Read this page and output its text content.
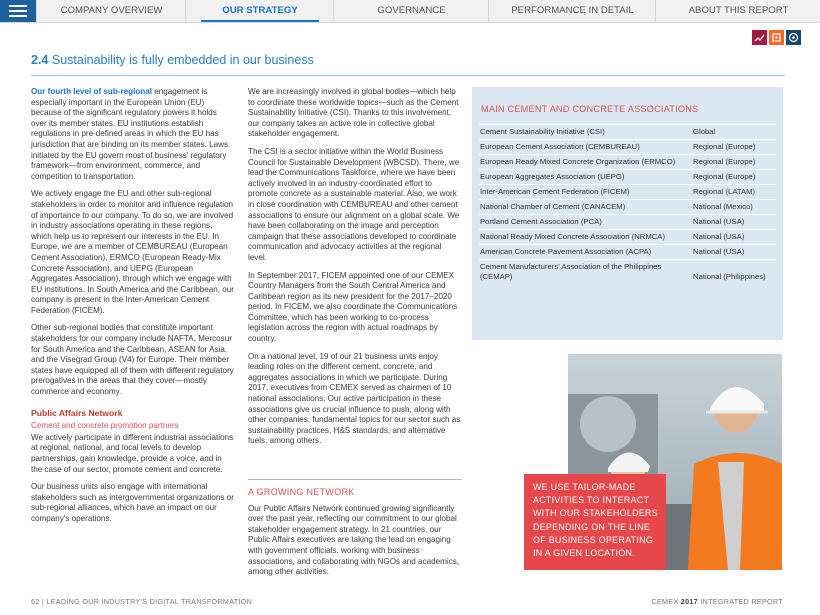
COMPANY OVERVIEW	OUR STRATEGY	GOVERNANCE	PERFORMANCE IN DETAIL	ABOUT THIS REPORT
2.4 Sustainability is fully embedded in our business

Our fourth level of sub-regional engagement is especially important in the European Union (EU) because of the significant regulatory powers it holds over its member states. EU institutions establish regulations in pre-defined areas in which the EU has jurisdiction that are binding on its member states. Laws initiated by the EU govern most of business' regulatory framework—from environment, commerce, and competition to transportation.

We actively engage the EU and other sub-regional stakeholders in order to monitor and influence regulation of importance to our company. To do so, we are involved in industry associations operating in these regions, which help us to represent our interests in the EU. In Europe, we are a member of CEMBUREAU (European Cement Association), ERMCO (European Ready-Mix Concrete Association), and UEPG (European Aggregates Association), through which we engage with EU institutions. In South America and the Caribbean, our company is present in the Inter-American Cement Federation (FICEM).

Other sub-regional bodies that constitute important stakeholders for our company include NAFTA, Mercosur for South America and the Caribbean, ASEAN for Asia, and the Visegrad Group (V4) for Europe. Their member states have equipped all of them with different regulatory prerogatives in the areas that they cover—mostly commerce and economy.

Public Affairs Network
Cement and concrete promotion partners

We actively participate in different industrial associations at regional, national, and local levels to develop partnerships, gain knowledge, provide a voice, and in the case of our sector, promote cement and concrete.

Our business units also engage with international stakeholders such as intergovernmental organizations or sub-regional alliances, which have an impact on our company's operations.

We are increasingly involved in global bodies—which help to coordinate these worldwide topics—such as the Cement Sustainability Initiative (CSI). Thanks to this involvement, our company takes an active role in collective global stakeholder engagement.

The CSI is a sector initiative within the World Business Council for Sustainable Development (WBCSD). There, we lead the Communications Taskforce, where we have been actively involved in an industry-coordinated effort to promote concrete as a sustainable material. Also, we work in close coordination with CEMBUREAU and other cement associations to ensure our alignment on a global scale. We have been collaborating on the image and perception campaign that these associations developed to coordinate communication and advocacy activities at the regional level.

In September 2017, FICEM appointed one of our CEMEX Country Managers from the South Central America and Caribbean region as its new president for the 2017–2020 period. In FICEM, we also coordinate the Communications Committee, which has been working to co-process legislation across the region with actual roadmaps by country.

On a national level, 19 of our 21 business units enjoy leading roles on the different cement, concrete, and aggregates associations in which we participate. During 2017, executives from CEMEX served as chairmen of 10 national associations. Our active participation in these associations give us crucial influence to push, along with other companies, fundamental topics for our sector such as sustainability practices, H&S standards, and alternative fuels, among others.

A GROWING NETWORK

Our Public Affairs Network continued growing significantly over the past year, reflecting our commitment to our global stakeholder engagement strategy. In 21 countries, our Public Affairs executives are taking the lead on engaging with government officials, working with business associations, and collaborating with NGOs and academics, among other activities.

MAIN CEMENT AND CONCRETE ASSOCIATIONS
Cement Sustainability Initiative (CSI)	Global
European Cement Association (CEMBUREAU)	Regional (Europe)
European Ready Mixed Concrete Organization (ERMCO)	Regional (Europe)
European Aggregates Association (UEPG)	Regional (Europe)
Inter-American Cement Federation (FICEM)	Regional (LATAM)
National Chamber of Cement (CANACEM)	National (Mexico)
Portland Cement Association (PCA)	National (USA)
National Ready Mixed Concrete Association (NRMCA)	National (USA)
American Concrete Pavement Association (ACPA)	National (USA)
Cement Manufacturers' Association of the Philippines (CEMAP)	National (Philippines)
WE USE TAILOR-MADE ACTIVITIES TO INTERACT WITH OUR STAKEHOLDERS DEPENDING ON THE LINE OF BUSINESS OPERATING IN A GIVEN LOCATION.
62 | LEADING OUR INDUSTRY'S DIGITAL TRANSFORMATION	CEMEX 2017 INTEGRATED REPORT
